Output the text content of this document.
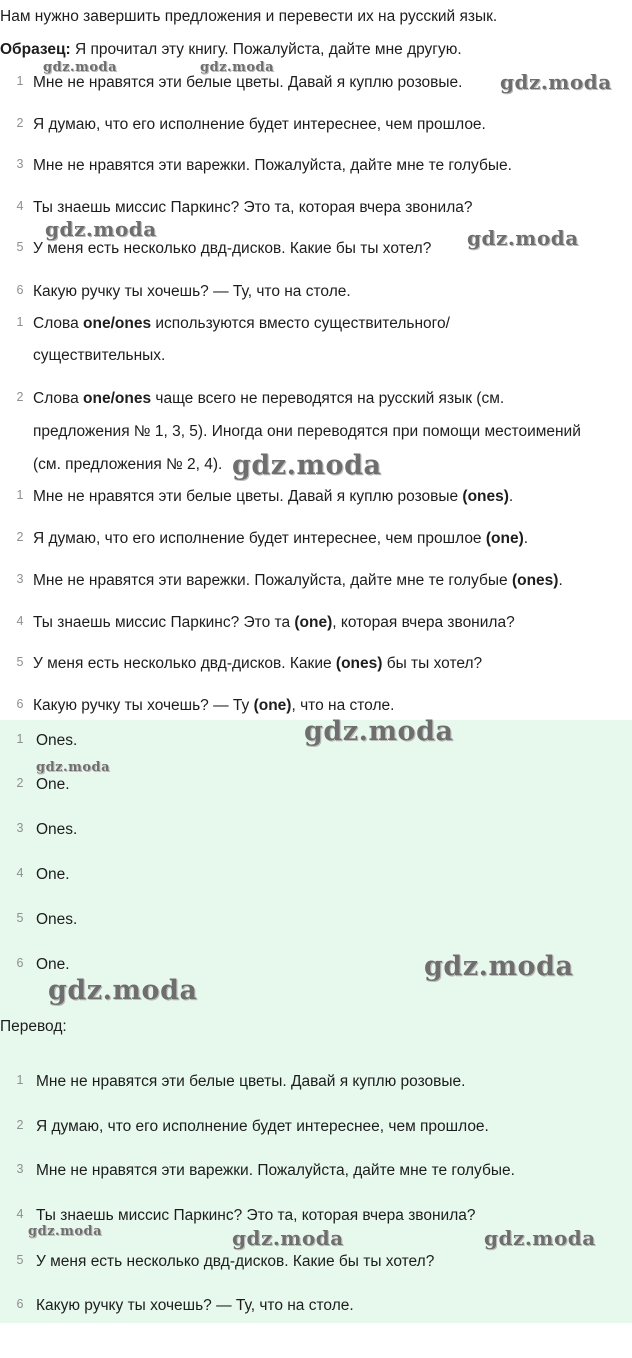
Нам нужно завершить предложения и перевести их на русский язык.
Образец: Я прочитал эту книгу. Пожалуйста, дайте мне другую.
1 Мне не нравятся эти белые цветы. Давай я куплю розовые.
2 Я думаю, что его исполнение будет интереснее, чем прошлое.
3 Мне не нравятся эти варежки. Пожалуйста, дайте мне те голубые.
4 Ты знаешь миссис Паркинс? Это та, которая вчера звонила?
5 У меня есть несколько двд-дисков. Какие бы ты хотел?
6 Какую ручку ты хочешь? — Ту, что на столе.
1 Слова one/ones используются вместо существительного/
существительных.
2 Слова one/ones чаще всего не переводятся на русский язык (см.
предложения № 1, 3, 5). Иногда они переводятся при помощи местоимений
(см. предложения № 2, 4).
1 Мне не нравятся эти белые цветы. Давай я куплю розовые (ones).
2 Я думаю, что его исполнение будет интереснее, чем прошлое (one).
3 Мне не нравятся эти варежки. Пожалуйста, дайте мне те голубые (ones).
4 Ты знаешь миссис Паркинс? Это та (one), которая вчера звонила?
5 У меня есть несколько двд-дисков. Какие (ones) бы ты хотел?
6 Какую ручку ты хочешь? — Ту (one), что на столе.
1 Ones.
2 One.
3 Ones.
4 One.
5 Ones.
6 One.
Перевод:
1 Мне не нравятся эти белые цветы. Давай я куплю розовые.
2 Я думаю, что его исполнение будет интереснее, чем прошлое.
3 Мне не нравятся эти варежки. Пожалуйста, дайте мне те голубые.
4 Ты знаешь миссис Паркинс? Это та, которая вчера звонила?
5 У меня есть несколько двд-дисков. Какие бы ты хотел?
6 Какую ручку ты хочешь? — Ту, что на столе.
gdz.moda	gdz.moda
gdz.moda
gdz.moda	gdz.moda
gdz.moda
gdz.moda
gdz.moda
gdz.moda
gdz.moda
gdz.moda	gdz.moda	gdz.moda
